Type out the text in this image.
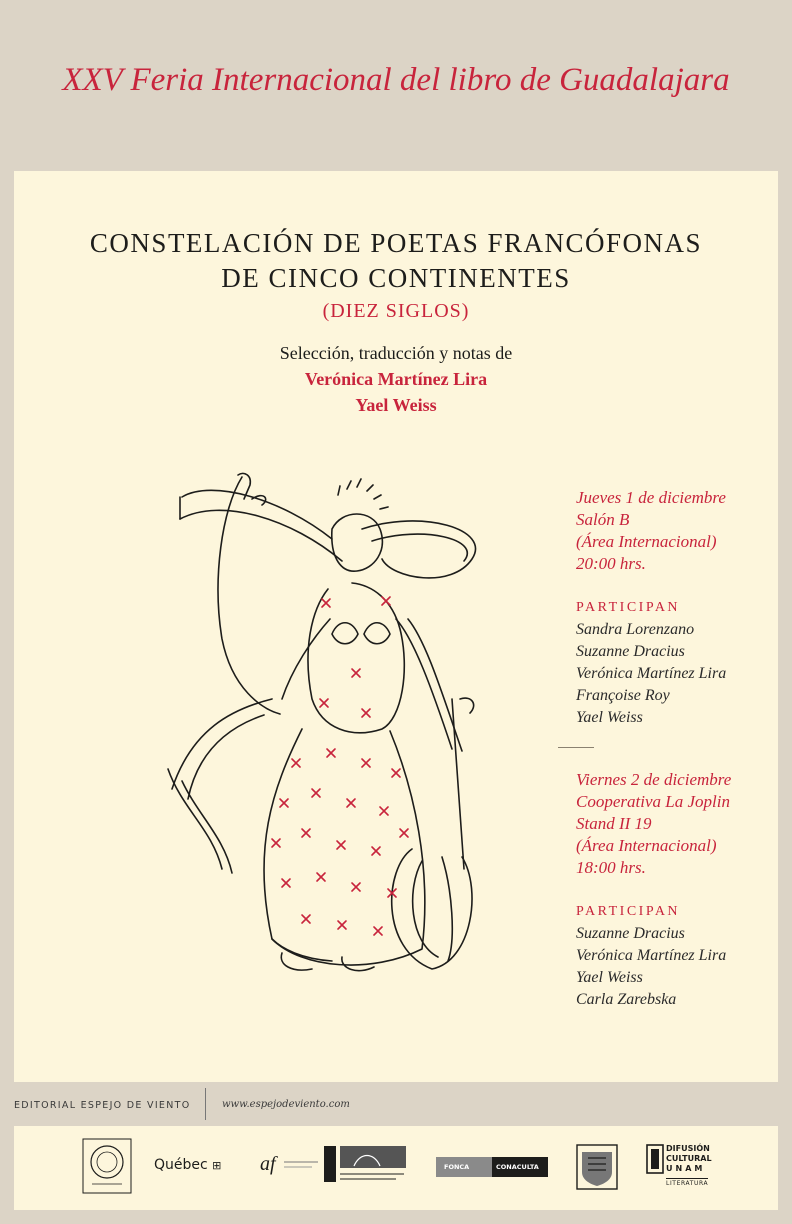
XXV Feria Internacional del libro de Guadalajara
CONSTELACIÓN DE POETAS FRANCÓFONAS
DE CINCO CONTINENTES
(DIEZ SIGLOS)
Selección, traducción y notas de
Verónica Martínez Lira
Yael Weiss
Jueves 1 de diciembre
Salón B
(Área Internacional)
20:00 hrs.
PARTICIPAN
Sandra Lorenzano
Suzanne Dracius
Verónica Martínez Lira
Françoise Roy
Yael Weiss
Viernes 2 de diciembre
Cooperativa La Joplin
Stand II 19
(Área Internacional)
18:00 hrs.
PARTICIPAN
Suzanne Dracius
Verónica Martínez Lira
Yael Weiss
Carla Zarebska
EDITORIAL ESPEJO DE VIENTO	www.espejodeviento.com
Québec ⊞ af	FONCA	CONACULTA
DIFUSIÓN
CULTURAL
UNAM
LITERATURA
